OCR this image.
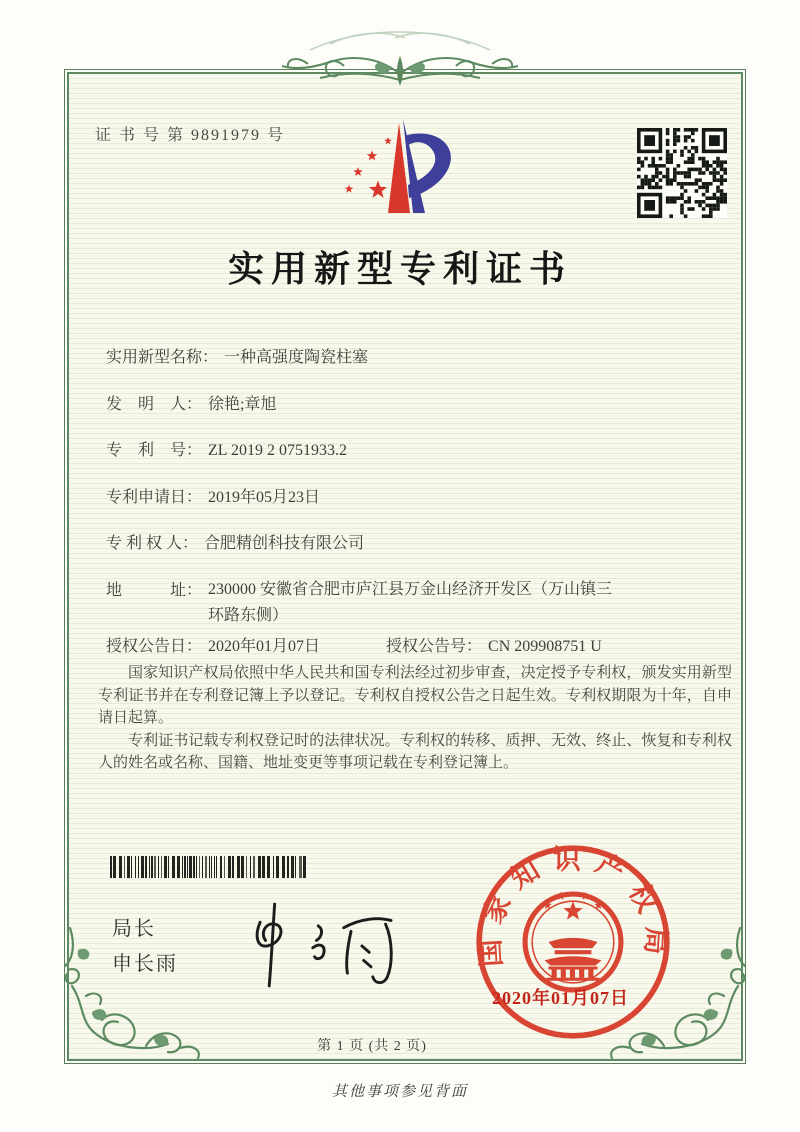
证 书 号 第 9891979 号
实用新型专利证书
实用新型名称： 一种高强度陶瓷柱塞
发　明　人： 徐艳;章旭
专　利　号： ZL 2019 2 0751933.2
专利申请日： 2019年05月23日
专 利 权 人： 合肥精创科技有限公司
地　　　址： 230000 安徽省合肥市庐江县万金山经济开发区（万山镇三环路东侧）
授权公告日： 2020年01月07日	授权公告号： CN 209908751 U

国家知识产权局依照中华人民共和国专利法经过初步审查，决定授予专利权，颁发实用新型专利证书并在专利登记簿上予以登记。专利权自授权公告之日起生效。专利权期限为十年，自申请日起算。

专利证书记载专利权登记时的法律状况。专利权的转移、质押、无效、终止、恢复和专利权人的姓名或名称、国籍、地址变更等事项记载在专利登记簿上。

局长
申长雨	国家知识产权局
2020年01月07日
第 1 页 (共 2 页)
其他事项参见背面
